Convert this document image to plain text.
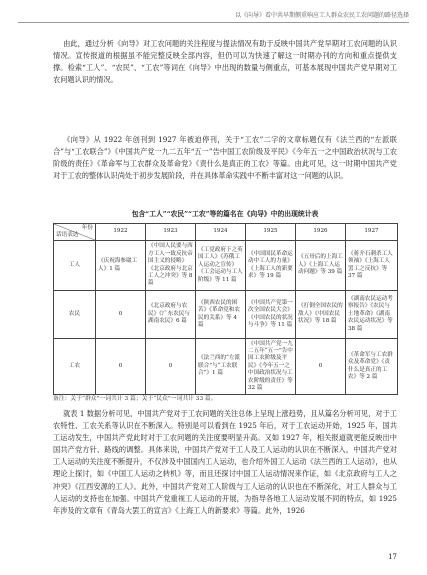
以《向导》看中共早期侧重响应工人群众农民工农问题的路径选择

由此，通过分析《向导》对工农问题的关注程度与提法情况有助于反映中国共产党早期对工农问题的认识情况。宣传报道的根据虽不能完整反映全部内容，但仍可以为快速了解这一时期办刊的方向和重点提供支撑。检索“工人”、“农民”、“工农”等词在《向导》中出现的数量与侧重点，可基本展现中国共产党早期对工农问题认识的情况。

《向导》从 1922 年创刊到 1927 年被迫停刊，关于“工农”二字的文章标题仅有《法兰西的“左派联合”与“工农联合”》《中国共产党一九二五年“五一”告中国工农阶级及平民》《今年五一之中国政治状况与工农阶级的责任》《革命军与工农群众及革命党》《责什么是真正的工农》等篇。由此可见，这一时期中国共产党对于工农的整体认识尚处于初步发展阶段，并在具体革命实践中不断丰富对这一问题的认识。

包含“工人”“农民”“工农”等的篇名在《向导》中的出现统计表
年份
话语表达	1922	1923	1924	1925	1926	1927
工人	《庆祝海参崴工人》1 篇	《中国人民要与西方工人一致反抗帝国主义的侵略》《北京政府与北京工人之冲突》等 8 篇	《工党政府下之英国工人》《苏俄工人运动之宣传》《工会运动与工人阶级》等 11 篇	《中国国民革命运动中工人的力量》《上海工人的新要求》等 19 篇	《五卅后的上海工人》《上海工人运动问题》等 39 篇	《蒋介石刺杀工人领袖》《上海工人罢工之反抗》等 37 篇
农民	0	《北京政府与农民》《广东农民与湖南农民》6 篇	《陕西农民的困苦》《革命党和农民的关系》等 4 篇	《中国共产党第一次全国农民大会》《中国农民的状况与斗争》等 11 篇	《打倒全国农民的敌人》《中国农民状况》等 18 篇	《湖南农民运动考察报告》《农民与土地革命》《湖南农民运动状况》等 38 篇
工农	0	0	《法兰西的“左派联合”与“工农联合”》1 篇	《中国共产党一九二五年“五一”告中国工农阶级及平民》《今年五一之中国政治状况与工农阶级的责任》等 32 篇	0	《革命军与工农群众及革命党》《责什么是真正的工农》等 2 篇
备注：关于“群众”一词共计 3 篇；关于“民众”一词共计 33 篇。

就表 1 数据分析可见，中国共产党对于工农问题的关注总体上呈现上涨趋势，且从篇名分析可见，对于工农特性、工农关系等认识在不断深入。特别是可以看到在 1925 年后，对于工农运动开始，1925 年，国共工运动发生，中国共产党此时对于工农问题的关注度要明显升高。又如 1927 年，相关报道就更能反映出中国共产党方针、路线的调整。具体来说，中国共产党对于工人及工人运动的认识在不断深入，中国共产党对工人运动的关注度不断提升，不仅涉及中国国内工人运动，也介绍外国工人运动《法兰西的工人运动》，也从理论上探讨，如《中国工人运动之转机》等，而且还探讨中国工人运动情况来作证，如《北京政府与工人之冲突》《江西安源的工人》。此外，中国共产党对工人阶级与工人运动的认识也在不断深化，对工人群众与工人运动的支持也在加强。中国共产党重视工人运动的开展，为指导各地工人运动发展不同的特点，如 1925 年涉及的文章有《青岛大罢工的宣言》《上海工人的新要求》等篇。此外，1926

17
